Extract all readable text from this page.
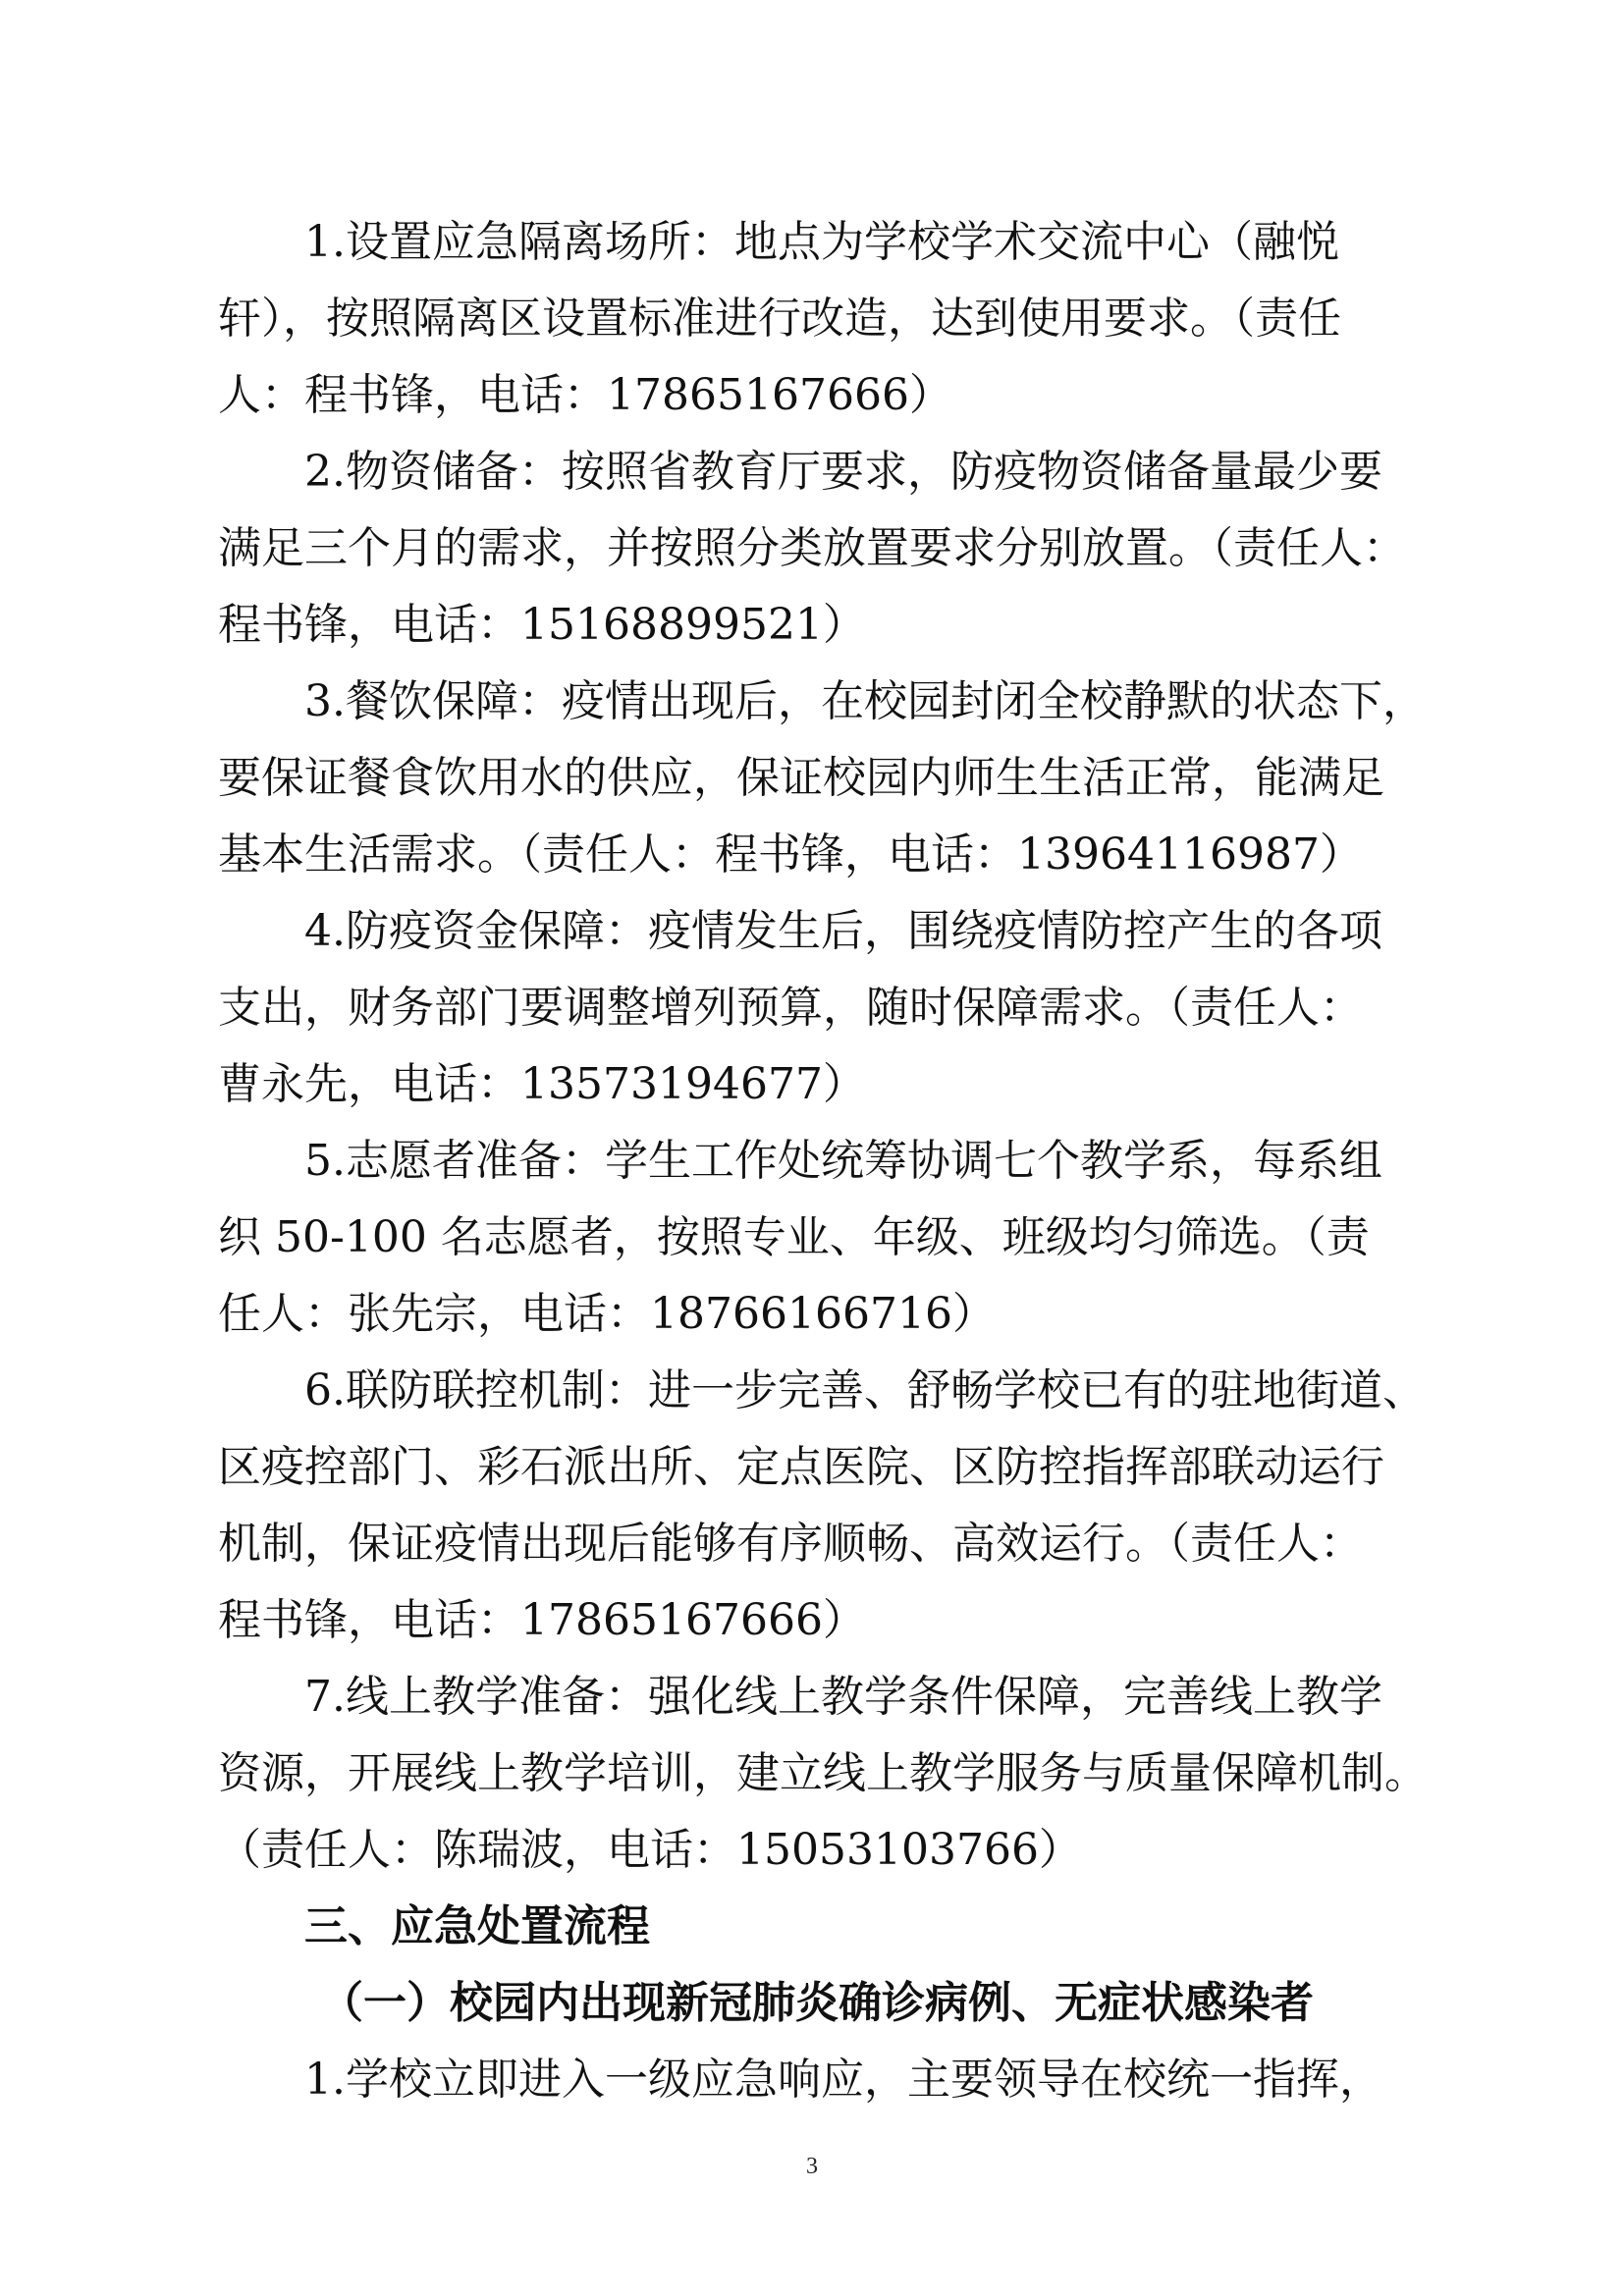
1.设置应急隔离场所：地点为学校学术交流中心（融悦
轩），按照隔离区设置标准进行改造，达到使用要求。（责任
人：程书锋，电话：17865167666）
2.物资储备：按照省教育厅要求，防疫物资储备量最少要
满足三个月的需求，并按照分类放置要求分别放置。（责任人：
程书锋，电话：15168899521）
3.餐饮保障：疫情出现后，在校园封闭全校静默的状态下，
要保证餐食饮用水的供应，保证校园内师生生活正常，能满足
基本生活需求。（责任人：程书锋，电话：13964116987）
4.防疫资金保障：疫情发生后，围绕疫情防控产生的各项
支出，财务部门要调整增列预算，随时保障需求。（责任人：
曹永先，电话：13573194677）
5.志愿者准备：学生工作处统筹协调七个教学系，每系组
织 50-100 名志愿者，按照专业、年级、班级均匀筛选。（责
任人：张先宗，电话：18766166716）
6.联防联控机制：进一步完善、舒畅学校已有的驻地街道、
区疫控部门、彩石派出所、定点医院、区防控指挥部联动运行
机制，保证疫情出现后能够有序顺畅、高效运行。（责任人：
程书锋，电话：17865167666）
7.线上教学准备：强化线上教学条件保障，完善线上教学
资源，开展线上教学培训，建立线上教学服务与质量保障机制。
（责任人：陈瑞波，电话：15053103766）
三、应急处置流程
（一）校园内出现新冠肺炎确诊病例、无症状感染者
1.学校立即进入一级应急响应，主要领导在校统一指挥，
3
